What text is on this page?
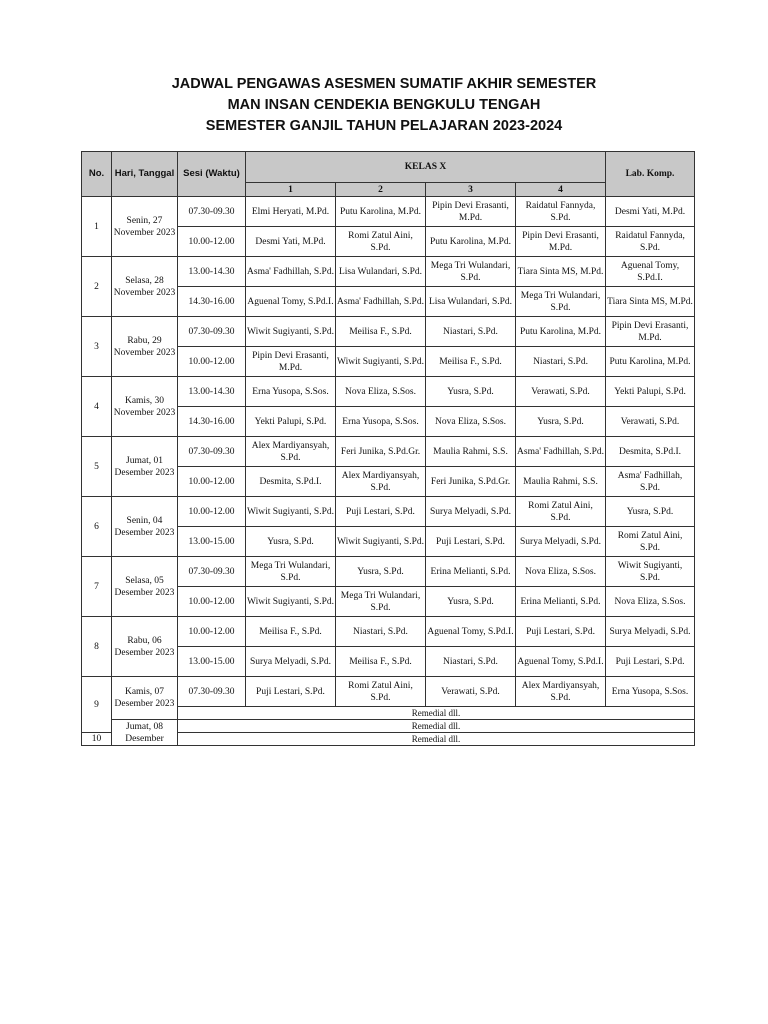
JADWAL PENGAWAS ASESMEN SUMATIF AKHIR SEMESTER
MAN INSAN CENDEKIA BENGKULU TENGAH
SEMESTER GANJIL TAHUN PELAJARAN 2023-2024
No.	Hari, Tanggal	Sesi (Waktu)	KELAS X				Lab. Komp.
			1	2	3	4	
1	Senin, 27 November 2023	07.30-09.30	Elmi Heryati, M.Pd.	Putu Karolina, M.Pd.	Pipin Devi Erasanti, M.Pd.	Raidatul Fannyda, S.Pd.	Desmi Yati, M.Pd.
		10.00-12.00	Desmi Yati, M.Pd.	Romi Zatul Aini, S.Pd.	Putu Karolina, M.Pd.	Pipin Devi Erasanti, M.Pd.	Raidatul Fannyda, S.Pd.
2	Selasa, 28 November 2023	13.00-14.30	Asma' Fadhillah, S.Pd.	Lisa Wulandari, S.Pd.	Mega Tri Wulandari, S.Pd.	Tiara Sinta MS, M.Pd.	Aguenal Tomy, S.Pd.I.
		14.30-16.00	Aguenal Tomy, S.Pd.I.	Asma' Fadhillah, S.Pd.	Lisa Wulandari, S.Pd.	Mega Tri Wulandari, S.Pd.	Tiara Sinta MS, M.Pd.
3	Rabu, 29 November 2023	07.30-09.30	Wiwit Sugiyanti, S.Pd.	Meilisa F., S.Pd.	Niastari, S.Pd.	Putu Karolina, M.Pd.	Pipin Devi Erasanti, M.Pd.
		10.00-12.00	Pipin Devi Erasanti, M.Pd.	Wiwit Sugiyanti, S.Pd.	Meilisa F., S.Pd.	Niastari, S.Pd.	Putu Karolina, M.Pd.
4	Kamis, 30 November 2023	13.00-14.30	Erna Yusopa, S.Sos.	Nova Eliza, S.Sos.	Yusra, S.Pd.	Verawati, S.Pd.	Yekti Palupi, S.Pd.
		14.30-16.00	Yekti Palupi, S.Pd.	Erna Yusopa, S.Sos.	Nova Eliza, S.Sos.	Yusra, S.Pd.	Verawati, S.Pd.
5	Jumat, 01 Desember 2023	07.30-09.30	Alex Mardiyansyah, S.Pd.	Feri Junika, S.Pd.Gr.	Maulia Rahmi, S.S.	Asma' Fadhillah, S.Pd.	Desmita, S.Pd.I.
		10.00-12.00	Desmita, S.Pd.I.	Alex Mardiyansyah, S.Pd.	Feri Junika, S.Pd.Gr.	Maulia Rahmi, S.S.	Asma' Fadhillah, S.Pd.
6	Senin, 04 Desember 2023	10.00-12.00	Wiwit Sugiyanti, S.Pd.	Puji Lestari, S.Pd.	Surya Melyadi, S.Pd.	Romi Zatul Aini, S.Pd.	Yusra, S.Pd.
		13.00-15.00	Yusra, S.Pd.	Wiwit Sugiyanti, S.Pd.	Puji Lestari, S.Pd.	Surya Melyadi, S.Pd.	Romi Zatul Aini, S.Pd.
7	Selasa, 05 Desember 2023	07.30-09.30	Mega Tri Wulandari, S.Pd.	Yusra, S.Pd.	Erina Melianti, S.Pd.	Nova Eliza, S.Sos.	Wiwit Sugiyanti, S.Pd.
		10.00-12.00	Wiwit Sugiyanti, S.Pd.	Mega Tri Wulandari, S.Pd.	Yusra, S.Pd.	Erina Melianti, S.Pd.	Nova Eliza, S.Sos.
8	Rabu, 06 Desember 2023	10.00-12.00	Meilisa F., S.Pd.	Niastari, S.Pd.	Aguenal Tomy, S.Pd.I.	Puji Lestari, S.Pd.	Surya Melyadi, S.Pd.
		13.00-15.00	Surya Melyadi, S.Pd.	Meilisa F., S.Pd.	Niastari, S.Pd.	Aguenal Tomy, S.Pd.I.	Puji Lestari, S.Pd.
9	Kamis, 07 Desember 2023	07.30-09.30	Puji Lestari, S.Pd.	Romi Zatul Aini, S.Pd.	Verawati, S.Pd.	Alex Mardiyansyah, S.Pd.	Erna Yusopa, S.Sos.
		Remedial dll.					
	Jumat, 08 Desember	Remedial dll.					
10		Remedial dll.					
